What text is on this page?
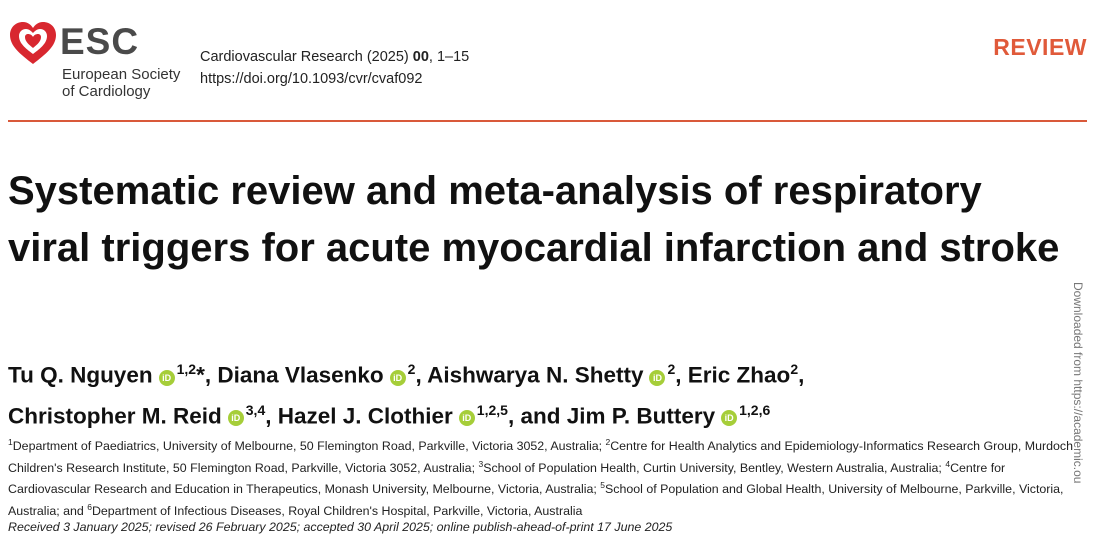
ESC
European Society
of Cardiology
Cardiovascular Research (2025) 00, 1–15
https://doi.org/10.1093/cvr/cvaf092
REVIEW
Systematic review and meta-analysis of respiratory viral triggers for acute myocardial infarction and stroke
Tu Q. Nguyen iD$^{1,2}$*, Diana Vlasenko $iD^2$, Aishwarya N. Shetty $iD^2$, Eric Zhao$^2$,
Christopher M. Reid iD$^{3,4}$, Hazel J. Clothier iD$^{1,2,5}$, and Jim P. Buttery iD$^{1,2,6}$
$^1$Department of Paediatrics, University of Melbourne, 50 Flemington Road, Parkville, Victoria 3052, Australia; $^2$Centre for Health Analytics and Epidemiology-Informatics Research Group, Murdoch Children's Research Institute, 50 Flemington Road, Parkville, Victoria 3052, Australia; $^3$School of Population Health, Curtin University, Bentley, Western Australia, Australia; $^4$Centre for Cardiovascular Research and Education in Therapeutics, Monash University, Melbourne, Victoria, Australia; $^5$School of Population and Global Health, University of Melbourne, Parkville, Victoria, Australia; and $^6$Department of Infectious Diseases, Royal Children's Hospital, Parkville, Victoria, Australia
Received 3 January 2025; revised 26 February 2025; accepted 30 April 2025; online publish-ahead-of-print 17 June 2025
Downloaded from https://academic.ou
